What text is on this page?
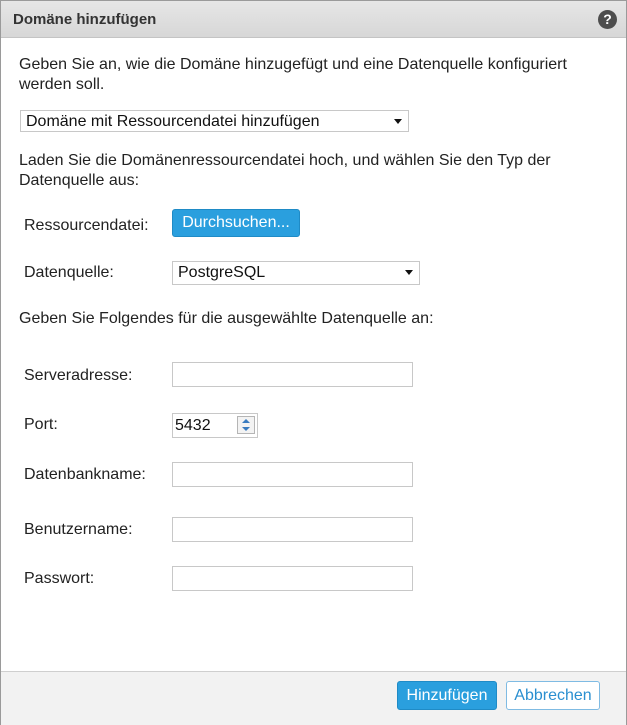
Domäne hinzufügen	?
Geben Sie an, wie die Domäne hinzugefügt und eine Datenquelle konfiguriert werden soll.
Domäne mit Ressourcendatei hinzufügen
Laden Sie die Domänenressourcendatei hoch, und wählen Sie den Typ der Datenquelle aus:
Ressourcendatei:	Durchsuchen...
Datenquelle:	PostgreSQL
Geben Sie Folgendes für die ausgewählte Datenquelle an:
Serveradresse:
Port:	5432
Datenbankname:
Benutzername:
Passwort:
Hinzufügen	Abbrechen
